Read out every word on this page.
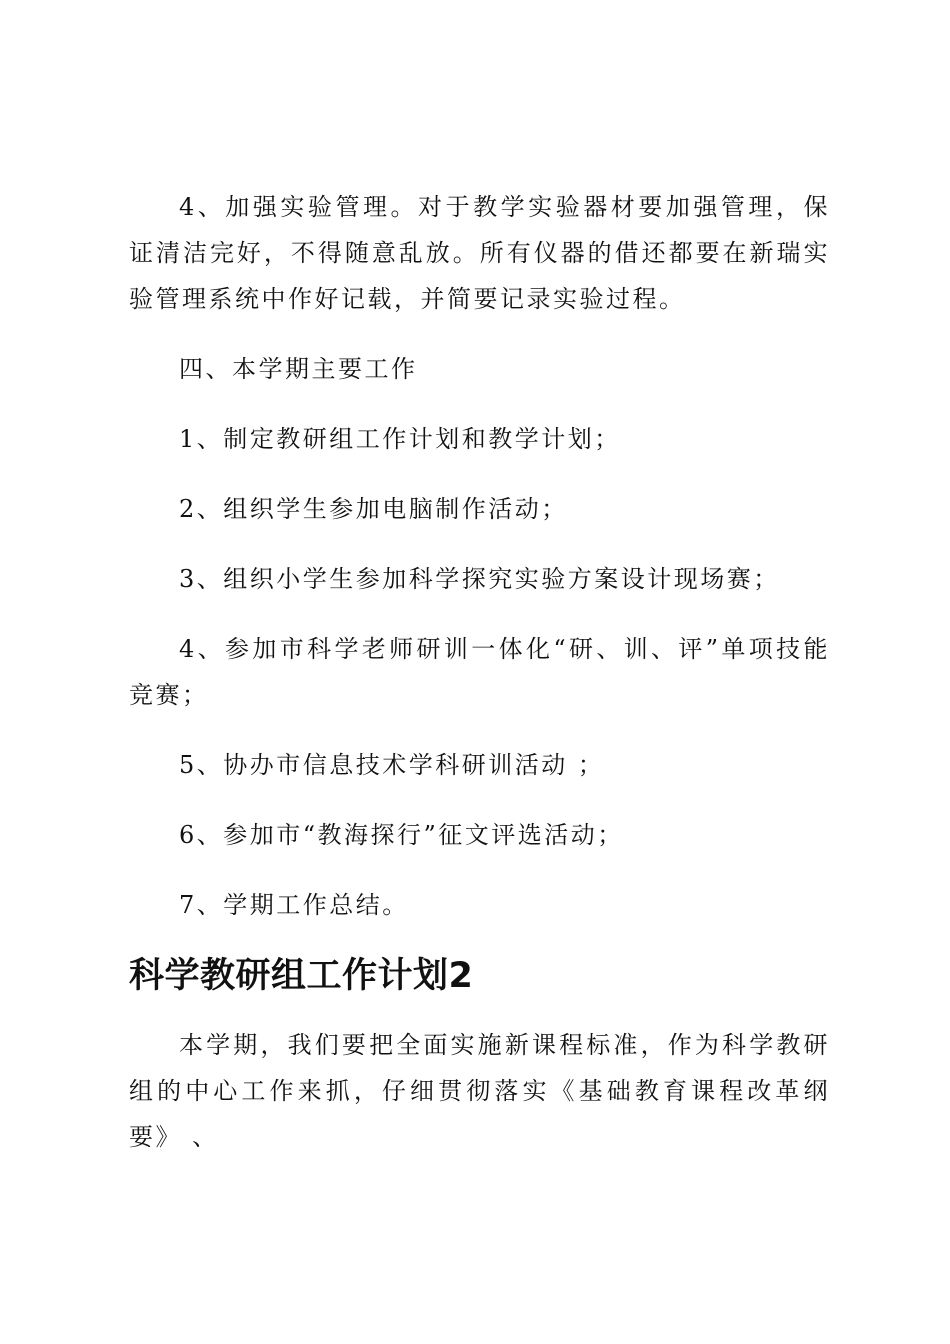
4、加强实验管理。对于教学实验器材要加强管理，保证清洁完好，不得随意乱放。所有仪器的借还都要在新瑞实验管理系统中作好记载，并简要记录实验过程。

四、本学期主要工作

1、制定教研组工作计划和教学计划；

2、组织学生参加电脑制作活动；

3、组织小学生参加科学探究实验方案设计现场赛；

4、参加市科学老师研训一体化“研、训、评”单项技能竞赛；

5、协办市信息技术学科研训活动 ；

6、参加市“教海探行”征文评选活动；

7、学期工作总结。

科学教研组工作计划2

本学期，我们要把全面实施新课程标准，作为科学教研组的中心工作来抓，仔细贯彻落实《基础教育课程改革纲要》 、
